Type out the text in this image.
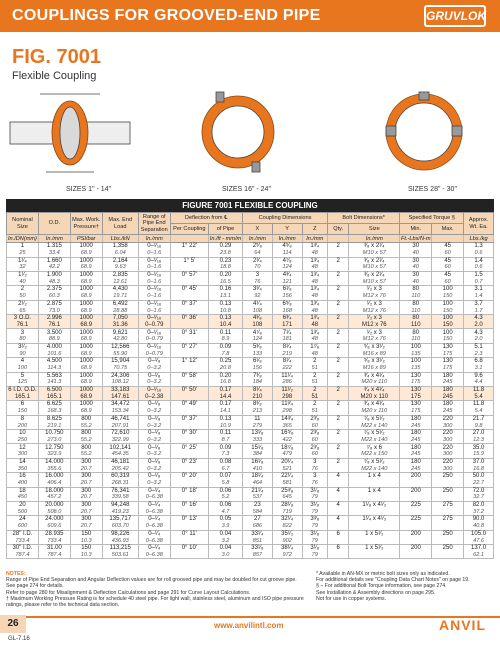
COUPLINGS FOR GROOVED-END PIPE	GRUVLOK
FIG. 7001
Flexible Coupling
SIZES 1" - 14"	SIZES 16" - 24"	SIZES 28" - 30"
FIGURE 7001 FLEXIBLE COUPLING
Nominal Size	O.D.	Max. Work. Pressure†	Max. End Load	Range of Pipe End Separation	Deflection from ℄		Coupling Dimensions			Bolt Dimensions*		Specified Torque §		Approx. Wt. Ea.
					Per Coupling	of Pipe	X	Y	Z	Qty.	Size	Min.	Max.	
In./DN(mm)	In./mm	PSI/bar	Lbs./kN	In./mm		In./ft - mm/m	In./mm	In./mm	In./mm		In./mm	Ft.-Lbs/N-m		Lbs./kg
1	1.315	1000	1,358	0–¹⁄₁₆	1° 22'	0.29	2⁵⁄₈	4⁵⁄₈	1³⁄₄	2	³⁄₈ x 2¹⁄₄	30	45	1.3
25	33.4	68.9	6.04	0–1.6		23.8	64	114	48		M10 x 57	40	60	0.6
1¹⁄₄	1.660	1000	2,164	0–¹⁄₁₆	1° 5'	0.23	2³⁄₄	4⁷⁄₈	1³⁄₄	2	³⁄₈ x 2¹⁄₄	30	45	1.4
32	42.2	68.9	9.63	0–1.6		18.8	70	124	48		M10 x 57	40	60	0.6
1¹⁄₂	1.900	1000	2,835	0–¹⁄₁₆	0° 57'	0.20	3	4³⁄₄	1³⁄₄	2	³⁄₈ x 2¹⁄₄	30	45	1.5
40	48.3	68.9	12.61	0–1.6		16.5	76	121	48		M10 x 57	40	60	0.7
2	2.375	1000	4,430	0–¹⁄₁₆	0° 45'	0.16	3³⁄₄	6¹⁄₈	1³⁄₄	2	¹⁄₂ x 3	80	100	3.1
50	60.3	68.9	19.71	0–1.6		13.1	92	156	48		M12 x 76	110	150	1.4
2¹⁄₂	2.875	1000	6,492	0–¹⁄₁₆	0° 37'	0.13	4¹⁄₄	6⁵⁄₈	1³⁄₄	2	¹⁄₂ x 3	80	100	3.7
65	73.0	68.9	28.88	0–1.6		10.8	108	168	48		M12 x 76	110	150	1.7
3 O.D.	2.996	1000	7,050	0–¹⁄₁₆	0° 36'	0.13	4³⁄₈	6³⁄₄	1³⁄₄	2	¹⁄₂ x 3	80	100	4.3
76.1	76.1	68.9	31.36	0–0.79		10.4	108	171	48		M12 x 76	110	150	2.0
3	3.500	1000	9,621	0–¹⁄₁₆	0° 31'	0.11	4⁷⁄₈	7¹⁄₄	1³⁄₄	2	¹⁄₂ x 3	80	100	4.3
80	88.9	68.9	42.80	0–0.79		8.9	124	181	48		M12 x 76	110	150	2.0
3¹⁄₂	4.000	1000	12,566	0–¹⁄₁₆	0° 27'	0.09	5³⁄₈	8¹⁄₄	1⁷⁄₈	2	⁵⁄₈ x 3¹⁄₂	100	130	5.1
90	101.6	68.9	55.90	0–0.79		7.8	133	219	48		M16 x 89	135	175	2.3
4	4.500	1000	15,904	0–¹⁄₈	1° 12'	0.25	6¹⁄₈	8¹⁄₄	2	2	⁵⁄₈ x 3¹⁄₂	100	130	6.8
100	114.3	68.9	70.75	0–3.2		20.8	156	222	51		M16 x 89	135	175	3.1
5	5.563	1000	24,306	0–¹⁄₈	0° 58'	0.20	7³⁄₈	11¹⁄₄	2	2	³⁄₄ x 4¹⁄₄	130	180	9.6
125	141.3	68.9	108.12	0–3.2		16.8	184	286	51		M20 x 110	175	245	4.4
6 I.D. O.D.	6.500	1000	33,183	0–¹⁄₁₆	0° 50'	0.17	8¹⁄₄	11¹⁄₂	2	2	³⁄₄ x 4¹⁄₄	130	180	11.8
165.1	165.1	68.9	147.61	0–2.38		14.4	210	298	51		M20 x 110	175	245	5.4
6	6.625	1000	34,472	0–¹⁄₈	0° 49'	0.17	8³⁄₈	11³⁄₄	2	2	³⁄₄ x 4¹⁄₄	130	180	11.8
150	168.3	68.9	153.34	0–3.2		14.1	213	298	51		M20 x 110	175	245	5.4
8	8.625	800	46,741	0–¹⁄₈	0° 37'	0.13	11	14³⁄₄	2³⁄₈	2	⁷⁄₈ x 5¹⁄₂	180	220	21.7
200	219.1	55.2	207.91	0–3.2		10.9	279	365	60		M22 x 140	245	300	9.8
10	10.750	800	72,610	0–¹⁄₈	0° 30'	0.11	13¹⁄₈	16⁵⁄₈	2³⁄₈	2	⁷⁄₈ x 5¹⁄₂	180	220	27.0
250	273.0	55.2	322.99	0–3.2		8.7	333	422	60		M22 x 140	245	300	12.3
12	12.750	800	102,141	0–¹⁄₈	0° 25'	0.09	15¹⁄₈	18⁷⁄₈	2³⁄₈	2	⁷⁄₈ x 6	180	220	35.0
300	323.9	55.2	454.35	0–3.2		7.3	384	479	60		M22 x 150	245	300	15.9
14	14.000	300	46,181	0–¹⁄₈	0° 23'	0.08	16¹⁄₈	20¹⁄₄	3	2	⁷⁄₈ x 5¹⁄₂	180	220	37.0
350	355.6	20.7	205.42	0–3.2		6.7	410	521	76		M22 x 140	245	300	16.8
16	16.000	300	60,319	0–¹⁄₈	0° 20'	0.07	18¹⁄₄	22¹⁄₄	3	4	1 x 4	200	250	50.0
400	406.4	20.7	268.31	0–3.2		5.8	464	581	76					22.7
18	18.000	300	76,341	0–¹⁄₄	0° 18'	0.06	21¹⁄₄	25³⁄₈	3¹⁄₈	4	1 x 4	200	250	72.0
450	457.2	20.7	339.58	0–6.38		5.2	537	645	79					32.7
20	20.000	300	94,248	0–¹⁄₄	0° 16'	0.06	23	28¹⁄₈	3¹⁄₈	4	1¹⁄₈ x 4¹⁄₂	225	275	82.0
500	508.0	20.7	419.23	0–6.38		4.7	584	719	79					37.2
24	24.000	300	135,717	0–¹⁄₄	0° 13'	0.05	27	32¹⁄₄	3³⁄₈	4	1¹⁄₄ x 4¹⁄₂	225	275	90.0
600	609.6	20.7	603.70	0–6.38		3.9	686	822	79					40.8
28" I.D.	28.935	150	98,226	0–¹⁄₄	0° 11'	0.04	33¹⁄₄	35¹⁄₂	3¹⁄₈	6	1 x 5¹⁄₂	200	250	105.0
733.4	733.4	10.3	436.93	0–6.38		3.2	851	902	79					47.6
30" I.D.	31.00	150	113,215	0–¹⁄₄	0° 10'	0.04	33¹⁄₈	38¹⁄₄	3¹⁄₈	6	1 x 5¹⁄₂	200	250	137.0
787.4	787.4	10.3	503.61	0–6.38		3.0	857	972	79					62.1
NOTES:
Range of Pipe End Separation and Angular Deflection values are for roll grooved pipe and may be doubled for cut groove pipe. See page 274 for details.
Refer to page 280 for Misalignment & Deflection Calculations and page 291 for Curve Layout Calculations.
† Maximum Working Pressure Rating is for schedule 40 steel pipe. For light wall, stainless steel, aluminum and ISO pipe pressure ratings, please refer to the technical data section.
* Available in AN-MX or metric bolt sizes only as indicated.
For additional details see "Coupling Data Chart Notes" on page 19.
§ – For additional Bolt Torque information, see page 274.
See Installation & Assembly directions on page 295.
Not for use in copper systems.
26	www.anvilintl.com	ANVIL
GL-7.16
